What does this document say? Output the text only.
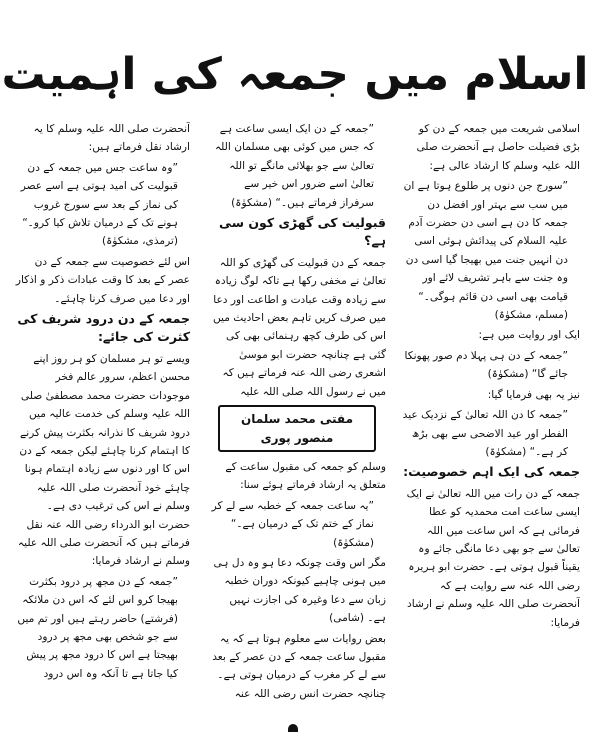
اسلام میں جمعہ کی اہمیت

اسلامی شریعت میں جمعہ کے دن کو بڑی فضیلت حاصل ہے آنحضرت صلی اللہ علیہ وسلم کا ارشاد عالی ہے:

”سورج جن دنوں پر طلوع ہوتا ہے ان میں سب سے بہتر اور افضل دن جمعہ کا دن ہے اسی دن حضرت آدم علیہ السلام کی پیدائش ہوئی اسی دن انہیں جنت میں بھیجا گیا اسی دن وہ جنت سے باہر تشریف لائے اور قیامت بھی اسی دن قائم ہوگی۔“ (مسلم، مشکوٰۃ)

ایک اور روایت میں ہے:

”جمعہ کے دن ہی پہلا دم صور پھونکا جائے گا“ (مشکوٰۃ)

نیز یہ بھی فرمایا گیا:

”جمعہ کا دن اللہ تعالیٰ کے نزدیک عید الفطر اور عید الاضحی سے بھی بڑھ کر ہے۔“ (مشکوٰۃ)

جمعہ کی ایک اہم خصوصیت:

جمعہ کے دن رات میں اللہ تعالیٰ نے ایک ایسی ساعت امت محمدیہ کو عطا فرمائی ہے کہ اس ساعت میں اللہ تعالیٰ سے جو بھی دعا مانگی جائے وہ یقیناً قبول ہوتی ہے۔ حضرت ابو ہریرہ رضی اللہ عنہ سے روایت ہے کہ آنحضرت صلی اللہ علیہ وسلم نے ارشاد فرمایا:

”جمعہ کے دن ایک ایسی ساعت ہے کہ جس میں کوئی بھی مسلمان اللہ تعالیٰ سے جو بھلائی مانگے تو اللہ تعالیٰ اسے ضرور اس خیر سے سرفراز فرماتے ہیں۔“ (مشکوٰۃ)

قبولیت کی گھڑی کون سی ہے؟

جمعہ کے دن قبولیت کی گھڑی کو اللہ تعالیٰ نے مخفی رکھا ہے تاکہ لوگ زیادہ سے زیادہ وقت عبادت و اطاعت اور دعا میں صرف کریں تاہم بعض احادیث میں اس کی طرف کچھ رہنمائی بھی کی گئی ہے چنانچہ حضرت ابو موسیٰ اشعری رضی اللہ عنہ فرماتے ہیں کہ میں نے رسول اللہ صلی اللہ علیہ

مفتی محمد سلمان منصور پوری

وسلم کو جمعہ کی مقبول ساعت کے متعلق یہ ارشاد فرماتے ہوئے سنا:

”یہ ساعت جمعہ کے خطبہ سے لے کر نماز کے ختم تک کے درمیان ہے۔“ (مشکوٰۃ)

مگر اس وقت چونکہ دعا ہو وہ دل ہی میں ہونی چاہیے کیونکہ دوران خطبہ زبان سے دعا وغیرہ کی اجازت نہیں ہے۔ (شامی)

بعض روایات سے معلوم ہوتا ہے کہ یہ مقبول ساعت جمعہ کے دن عصر کے بعد سے لے کر مغرب کے درمیان ہوتی ہے۔ چنانچہ حضرت انس رضی اللہ عنہ

آنحضرت صلی اللہ علیہ وسلم کا یہ ارشاد نقل فرماتے ہیں:

”وہ ساعت جس میں جمعہ کے دن قبولیت کی امید ہوتی ہے اسے عصر کی نماز کے بعد سے سورج غروب ہونے تک کے درمیان تلاش کیا کرو۔“ (ترمذی، مشکوٰۃ)

اس لئے خصوصیت سے جمعہ کے دن عصر کے بعد کا وقت عبادات ذکر و اذکار اور دعا میں صرف کرنا چاہئے۔

جمعہ کے دن درود شریف کی کثرت کی جائے:

ویسے تو ہر مسلمان کو ہر روز اپنے محسن اعظم، سرور عالم فخر موجودات حضرت محمد مصطفیٰ صلی اللہ علیہ وسلم کی خدمت عالیہ میں درود شریف کا نذرانہ بکثرت پیش کرنے کا اہتمام کرنا چاہئے لیکن جمعہ کے دن اس کا اور دنوں سے زیادہ اہتمام ہونا چاہئے خود آنحضرت صلی اللہ علیہ وسلم نے اس کی ترغیب دی ہے۔ حضرت ابو الدرداء رضی اللہ عنہ نقل فرماتے ہیں کہ آنحضرت صلی اللہ علیہ وسلم نے ارشاد فرمایا:

”جمعہ کے دن مجھ پر درود بکثرت بھیجا کرو اس لئے کہ اس دن ملائکہ (فرشتے) حاضر رہتے ہیں اور تم میں سے جو شخص بھی مجھ پر درود بھیجتا ہے اس کا درود مجھ پر پیش کیا جاتا ہے تا آنکہ وہ اس درود
